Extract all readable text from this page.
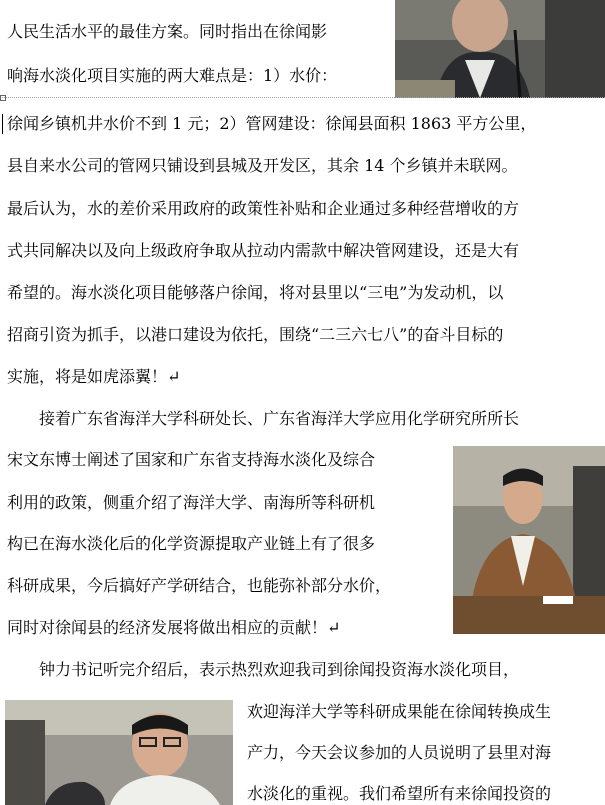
人民生活水平的最佳方案。同时指出在徐闻影
响海水淡化项目实施的两大难点是：1）水价：
徐闻乡镇机井水价不到 1 元；2）管网建设：徐闻县面积 1863 平方公里，
县自来水公司的管网只铺设到县城及开发区，其余 14 个乡镇并未联网。
最后认为，水的差价采用政府的政策性补贴和企业通过多种经营增收的方
式共同解决以及向上级政府争取从拉动内需款中解决管网建设，还是大有
希望的。海水淡化项目能够落户徐闻，将对县里以“三电”为发动机，以
招商引资为抓手，以港口建设为依托，围绕“二三六七八”的奋斗目标的
实施，将是如虎添翼！↵
接着广东省海洋大学科研处长、广东省海洋大学应用化学研究所所长
宋文东博士阐述了国家和广东省支持海水淡化及综合
利用的政策，侧重介绍了海洋大学、南海所等科研机
构已在海水淡化后的化学资源提取产业链上有了很多
科研成果，今后搞好产学研结合，也能弥补部分水价，
同时对徐闻县的经济发展将做出相应的贡献！↵
钟力书记听完介绍后，表示热烈欢迎我司到徐闻投资海水淡化项目，
欢迎海洋大学等科研成果能在徐闻转换成生
产力，今天会议参加的人员说明了县里对海
水淡化的重视。我们希望所有来徐闻投资的
